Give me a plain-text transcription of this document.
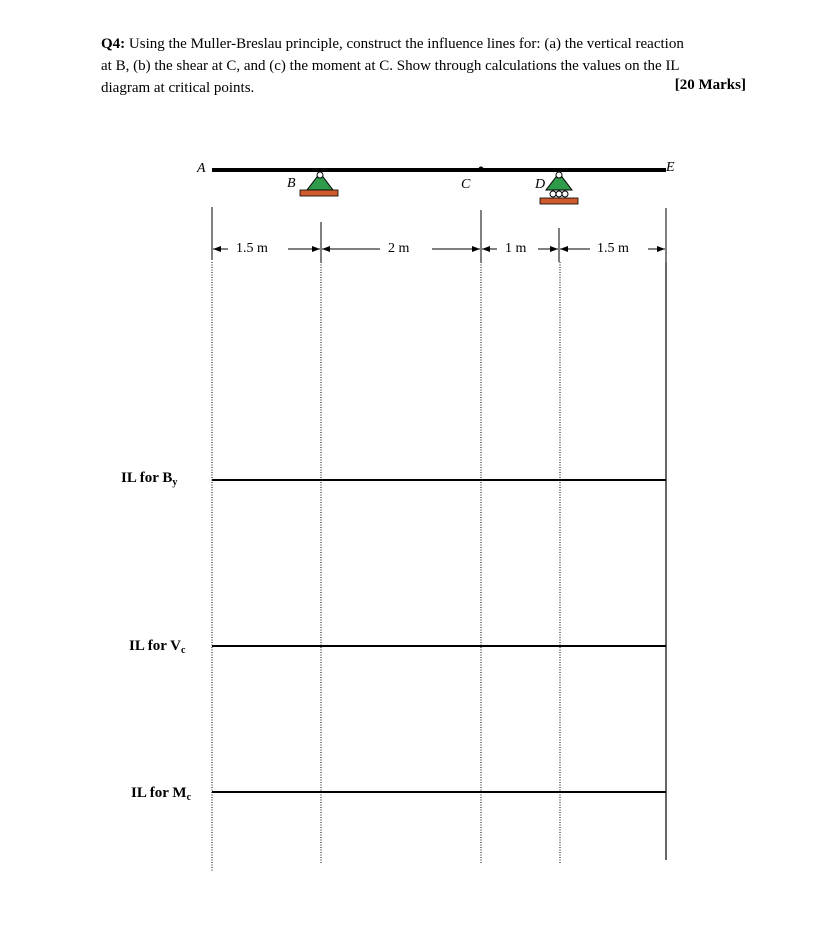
Q4: Using the Muller-Breslau principle, construct the influence lines for: (a) the vertical reaction
at B, (b) the shear at C, and (c) the moment at C. Show through calculations the values on the IL
diagram at critical points.	[20 Marks]
A
B	C	D
E
1.5 m	2 m	1 m	1.5 m
IL for $B_y$
IL for $V_c$
IL for $M_c$
